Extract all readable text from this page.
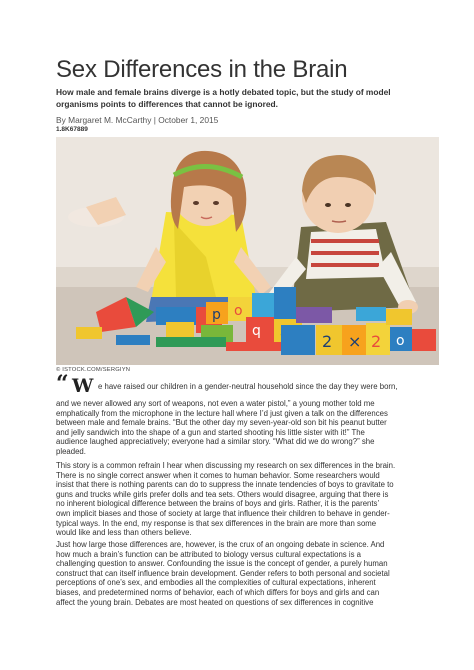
Sex Differences in the Brain
How male and female brains diverge is a hotly debated topic, but the study of model organisms points to differences that cannot be ignored.
By Margaret M. McCarthy | October 1, 2015
1.8K67889
p o
q
2 × 2 o
© ISTOCK.COM/SERGIYN
“ W e have raised our children in a gender-neutral household since the day they were born,
and we never allowed any sort of weapons, not even a water pistol,” a young mother told me
emphatically from the microphone in the lecture hall where I’d just given a talk on the differences
between male and female brains. “But the other day my seven-year-old son bit his peanut butter
and jelly sandwich into the shape of a gun and started shooting his little sister with it!” The
audience laughed appreciatively; everyone had a similar story. “What did we do wrong?” she
pleaded.
This story is a common refrain I hear when discussing my research on sex differences in the brain.
There is no single correct answer when it comes to human behavior. Some researchers would
insist that there is nothing parents can do to suppress the innate tendencies of boys to gravitate to
guns and trucks while girls prefer dolls and tea sets. Others would disagree, arguing that there is
no inherent biological difference between the brains of boys and girls. Rather, it is the parents’
own implicit biases and those of society at large that influence their children to behave in gender-
typical ways. In the end, my response is that sex differences in the brain are more than some
would like and less than others believe.
Just how large those differences are, however, is the crux of an ongoing debate in science. And
how much a brain’s function can be attributed to biology versus cultural expectations is a
challenging question to answer. Confounding the issue is the concept of gender, a purely human
construct that can itself influence brain development. Gender refers to both personal and societal
perceptions of one’s sex, and embodies all the complexities of cultural expectations, inherent
biases, and predetermined norms of behavior, each of which differs for boys and girls and can
affect the young brain. Debates are most heated on questions of sex differences in cognitive
